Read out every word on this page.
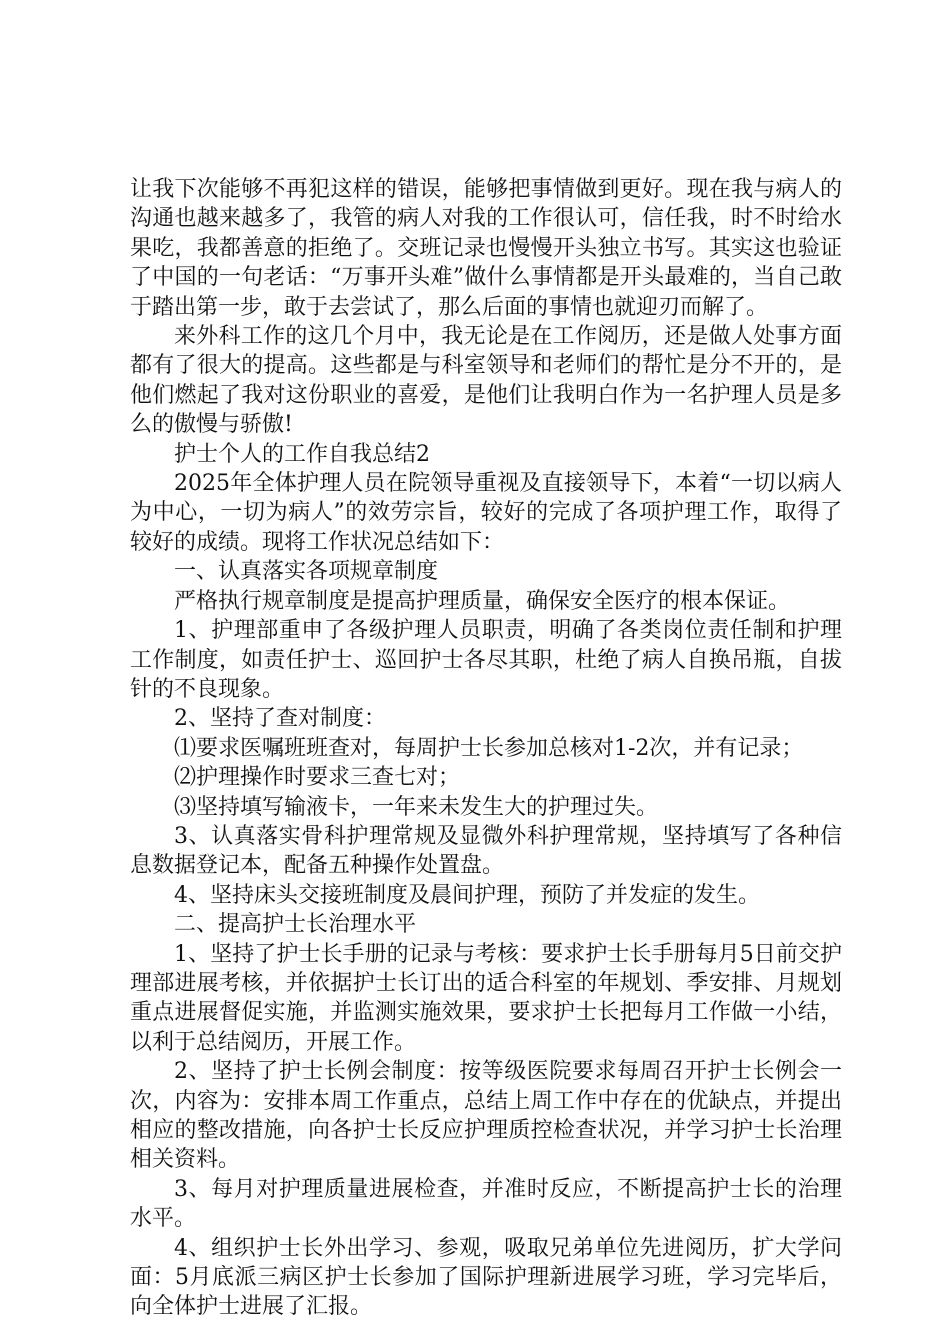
让我下次能够不再犯这样的错误，能够把事情做到更好。现在我与病人的沟通也越来越多了，我管的病人对我的工作很认可，信任我，时不时给水果吃，我都善意的拒绝了。交班记录也慢慢开头独立书写。其实这也验证了中国的一句老话：“万事开头难”做什么事情都是开头最难的，当自己敢于踏出第一步，敢于去尝试了，那么后面的事情也就迎刃而解了。

来外科工作的这几个月中，我无论是在工作阅历，还是做人处事方面都有了很大的提高。这些都是与科室领导和老师们的帮忙是分不开的，是他们燃起了我对这份职业的喜爱，是他们让我明白作为一名护理人员是多么的傲慢与骄傲!

护士个人的工作自我总结2

2025年全体护理人员在院领导重视及直接领导下，本着“一切以病人为中心，一切为病人”的效劳宗旨，较好的完成了各项护理工作，取得了较好的成绩。现将工作状况总结如下：

一、认真落实各项规章制度

严格执行规章制度是提高护理质量，确保安全医疗的根本保证。

1、护理部重申了各级护理人员职责，明确了各类岗位责任制和护理工作制度，如责任护士、巡回护士各尽其职，杜绝了病人自换吊瓶，自拔针的不良现象。

2、坚持了查对制度：

⑴要求医嘱班班查对，每周护士长参加总核对1-2次，并有记录；

⑵护理操作时要求三查七对；

⑶坚持填写输液卡，一年来未发生大的护理过失。

3、认真落实骨科护理常规及显微外科护理常规，坚持填写了各种信息数据登记本，配备五种操作处置盘。

4、坚持床头交接班制度及晨间护理，预防了并发症的发生。

二、提高护士长治理水平

1、坚持了护士长手册的记录与考核：要求护士长手册每月5日前交护理部进展考核，并依据护士长订出的适合科室的年规划、季安排、月规划重点进展督促实施，并监测实施效果，要求护士长把每月工作做一小结，以利于总结阅历，开展工作。

2、坚持了护士长例会制度：按等级医院要求每周召开护士长例会一次，内容为：安排本周工作重点，总结上周工作中存在的优缺点，并提出相应的整改措施，向各护士长反应护理质控检查状况，并学习护士长治理相关资料。

3、每月对护理质量进展检查，并准时反应，不断提高护士长的治理水平。

4、组织护士长外出学习、参观，吸取兄弟单位先进阅历，扩大学问面：5月底派三病区护士长参加了国际护理新进展学习班，学习完毕后，向全体护士进展了汇报。
